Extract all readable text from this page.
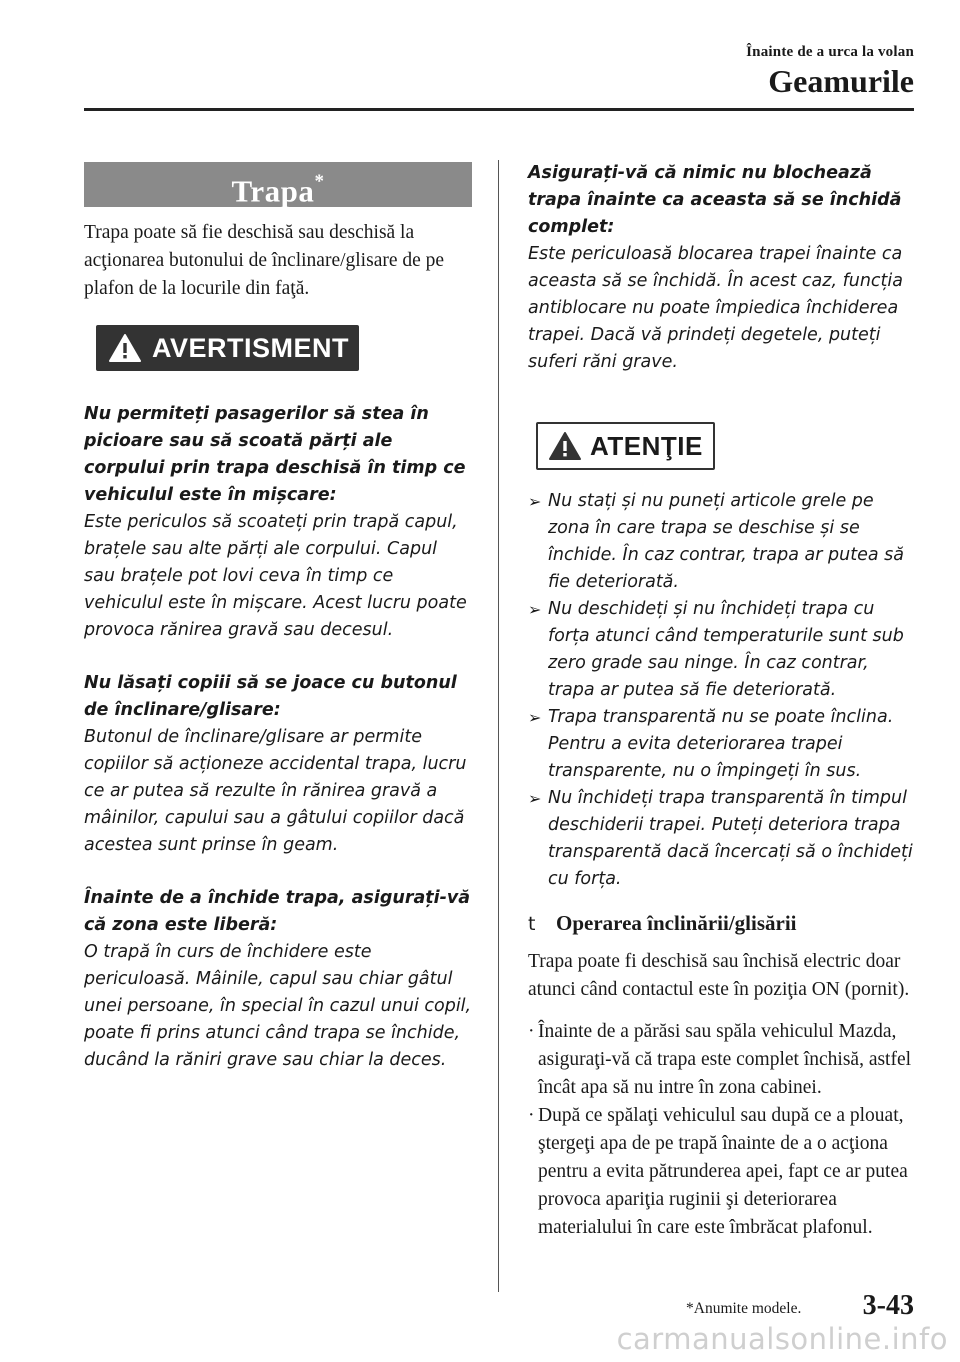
Înainte de a urca la volan
Geamurile
Trapa*
Trapa poate să fie deschisă sau deschisă la acţionarea butonului de înclinare/glisare de pe plafon de la locurile din faţă.
AVERTISMENT
Nu permiteți pasagerilor să stea în picioare sau să scoată părți ale corpului prin trapa deschisă în timp ce vehiculul este în mișcare:
Este periculos să scoateți prin trapă capul, brațele sau alte părți ale corpului. Capul sau brațele pot lovi ceva în timp ce vehiculul este în mișcare. Acest lucru poate provoca rănirea gravă sau decesul.
Nu lăsați copiii să se joace cu butonul de înclinare/glisare:
Butonul de înclinare/glisare ar permite copiilor să acționeze accidental trapa, lucru ce ar putea să rezulte în rănirea gravă a mâinilor, capului sau a gâtului copiilor dacă acestea sunt prinse în geam.
Înainte de a închide trapa, asigurați-vă că zona este liberă:
O trapă în curs de închidere este periculoasă. Mâinile, capul sau chiar gâtul unei persoane, în special în cazul unui copil, poate fi prins atunci când trapa se închide, ducând la răniri grave sau chiar la deces.
Asigurați-vă că nimic nu blochează trapa înainte ca aceasta să se închidă complet:
Este periculoasă blocarea trapei înainte ca aceasta să se închidă. În acest caz, funcția antiblocare nu poate împiedica închiderea trapei. Dacă vă prindeți degetele, puteți suferi răni grave.
ATENŢIE
➢ Nu stați și nu puneți articole grele pe zona în care trapa se deschise și se închide. În caz contrar, trapa ar putea să fie deteriorată.
➢ Nu deschideți și nu închideți trapa cu forța atunci când temperaturile sunt sub zero grade sau ninge. În caz contrar, trapa ar putea să fie deteriorată.
➢ Trapa transparentă nu se poate înclina. Pentru a evita deteriorarea trapei transparente, nu o împingeți în sus.
➢ Nu închideți trapa transparentă în timpul deschiderii trapei. Puteți deteriora trapa transparentă dacă încercați să o închideți cu forța.
t Operarea înclinării/glisării
Trapa poate fi deschisă sau închisă electric doar atunci când contactul este în poziţia ON (pornit).
· Înainte de a părăsi sau spăla vehiculul Mazda, asiguraţi-vă că trapa este complet închisă, astfel încât apa să nu intre în zona cabinei.
· După ce spălaţi vehiculul sau după ce a plouat, ştergeţi apa de pe trapă înainte de a o acţiona pentru a evita pătrunderea apei, fapt ce ar putea provoca apariţia ruginii şi deteriorarea materialului în care este îmbrăcat plafonul.
*Anumite modele. 3-43
carmanualsonline.info
